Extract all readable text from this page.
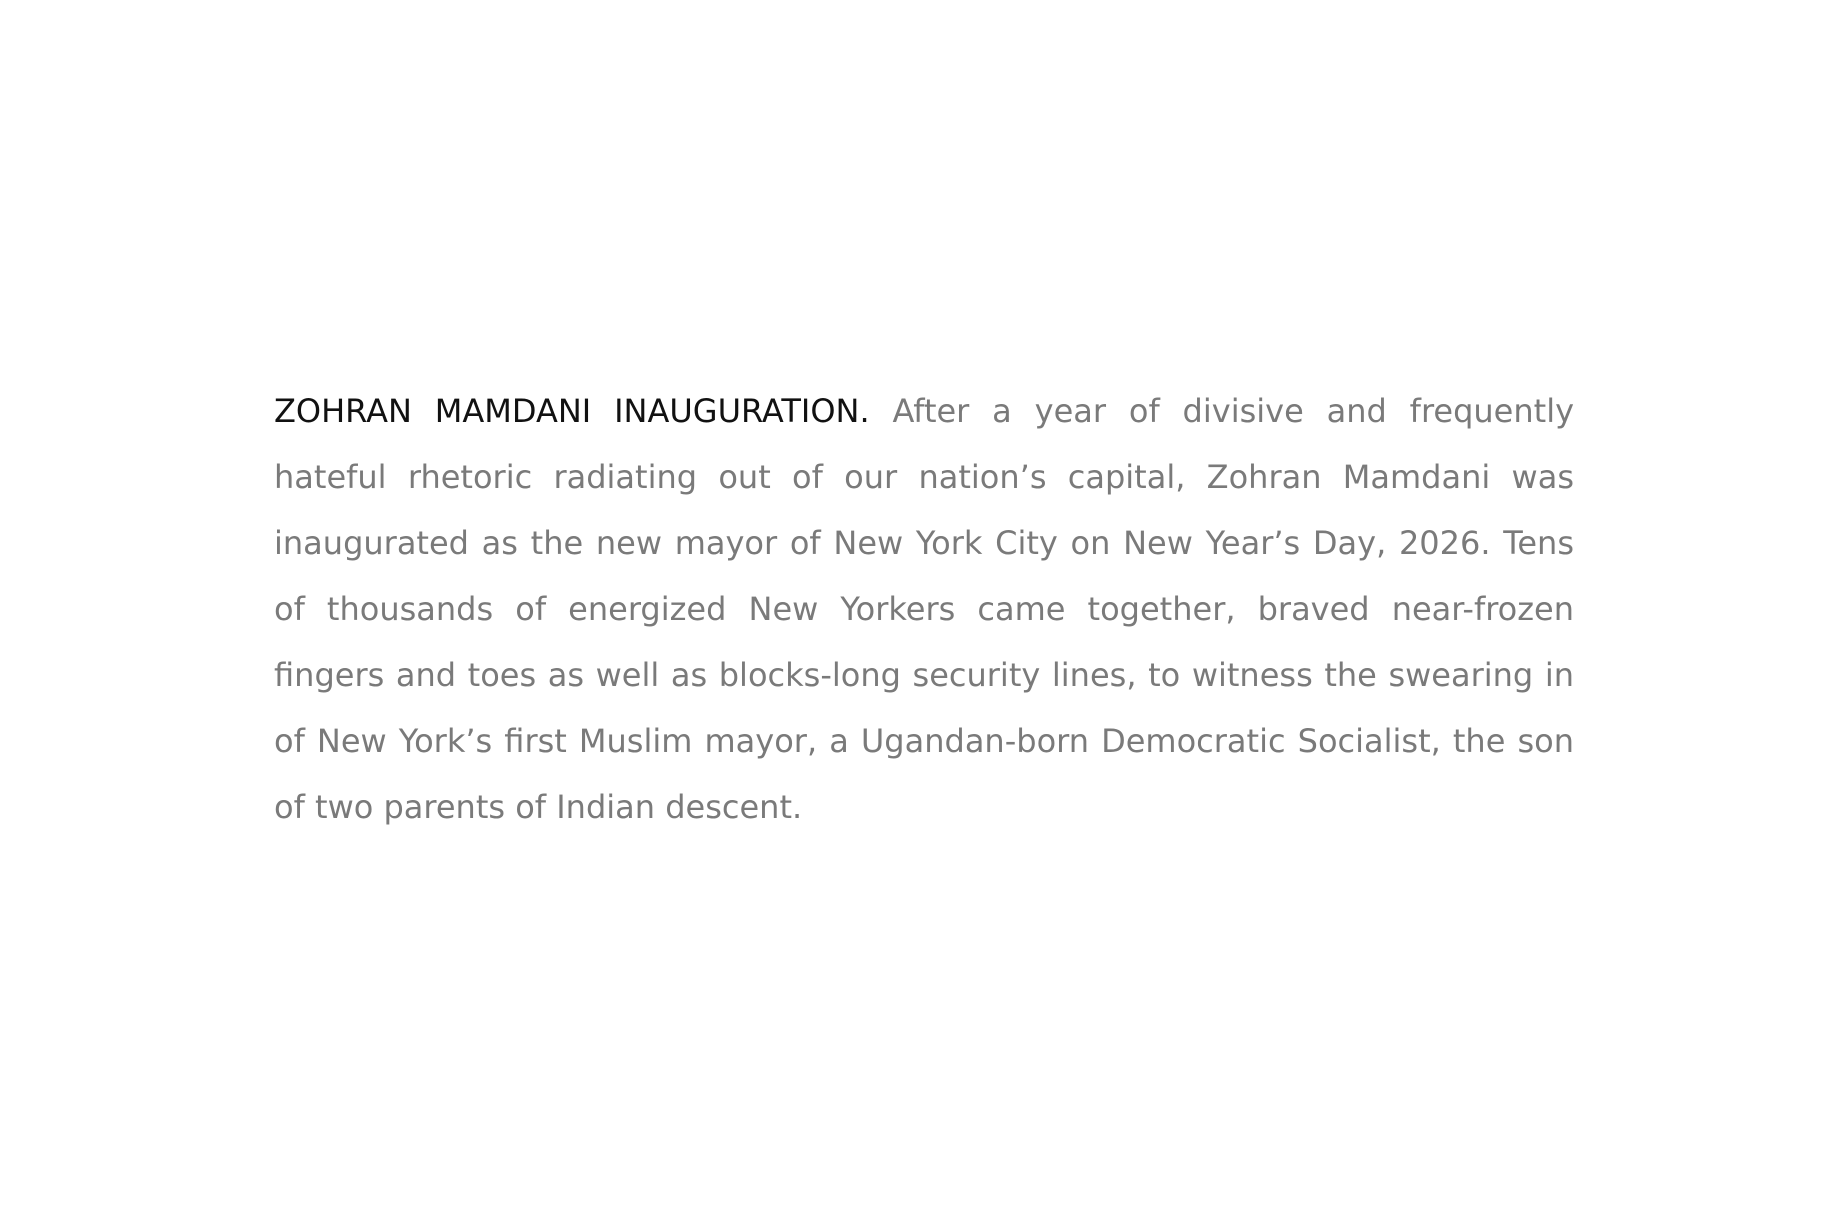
ZOHRAN MAMDANI INAUGURATION. After a year of divisive and frequently hateful rhetoric radiating out of our nation’s capital, Zohran Mamdani was inaugurated as the new mayor of New York City on New Year’s Day, 2026. Tens of thousands of energized New Yorkers came together, braved near-frozen fingers and toes as well as blocks-long security lines, to witness the swearing in of New York’s first Muslim mayor, a Ugandan-born Democratic Socialist, the son of two parents of Indian descent.
